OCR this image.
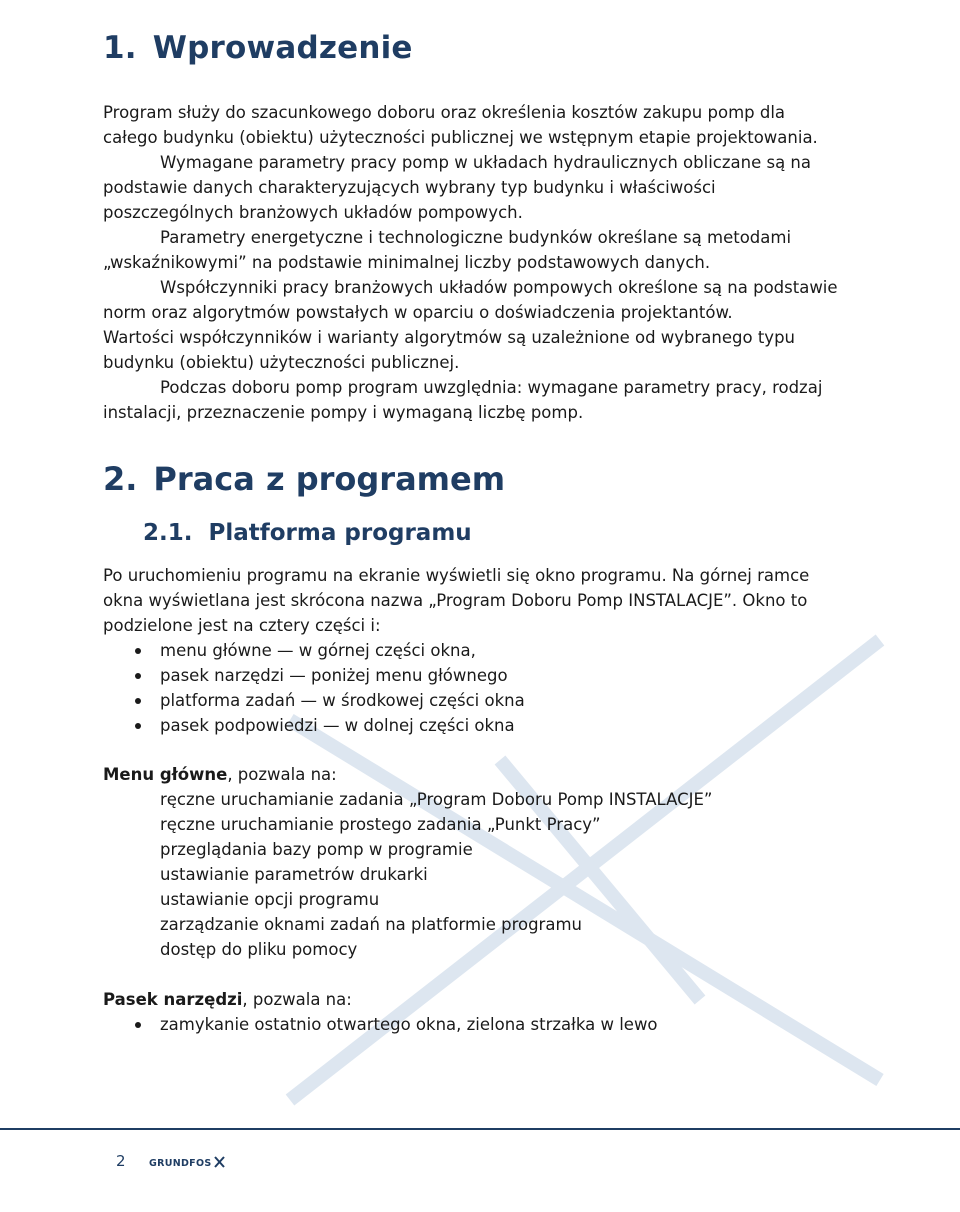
1. Wprowadzenie

Program służy do szacunkowego doboru oraz określenia kosztów zakupu pomp dla całego budynku (obiektu) użyteczności publicznej we wstępnym etapie projektowania.

Wymagane parametry pracy pomp w układach hydraulicznych obliczane są na podstawie danych charakteryzujących wybrany typ budynku i właściwości poszczególnych branżowych układów pompowych.

Parametry energetyczne i technologiczne budynków określane są metodami „wskaźnikowymi” na podstawie minimalnej liczby podstawowych danych.

Współczynniki pracy branżowych układów pompowych określone są na podstawie norm oraz algorytmów powstałych w oparciu o doświadczenia projektantów.

Wartości współczynników i warianty algorytmów są uzależnione od wybranego typu budynku (obiektu) użyteczności publicznej.

Podczas doboru pomp program uwzględnia: wymagane parametry pracy, rodzaj instalacji, przeznaczenie pompy i wymaganą liczbę pomp.

2. Praca z programem
2.1. Platforma programu

Po uruchomieniu programu na ekranie wyświetli się okno programu. Na górnej ramce okna wyświetlana jest skrócona nazwa „Program Doboru Pomp INSTALACJE”. Okno to podzielone jest na cztery części i:

menu główne — w górnej części okna,
pasek narzędzi — poniżej menu głównego
platforma zadań — w środkowej części okna
pasek podpowiedzi — w dolnej części okna
Menu główne, pozwala na:
ręczne uruchamianie zadania „Program Doboru Pomp INSTALACJE”
ręczne uruchamianie prostego zadania „Punkt Pracy”
przeglądania bazy pomp w programie
ustawianie parametrów drukarki
ustawianie opcji programu
zarządzanie oknami zadań na platformie programu
dostęp do pliku pomocy
Pasek narzędzi, pozwala na:
zamykanie ostatnio otwartego okna, zielona strzałka w lewo
2 GRUNDFOS
